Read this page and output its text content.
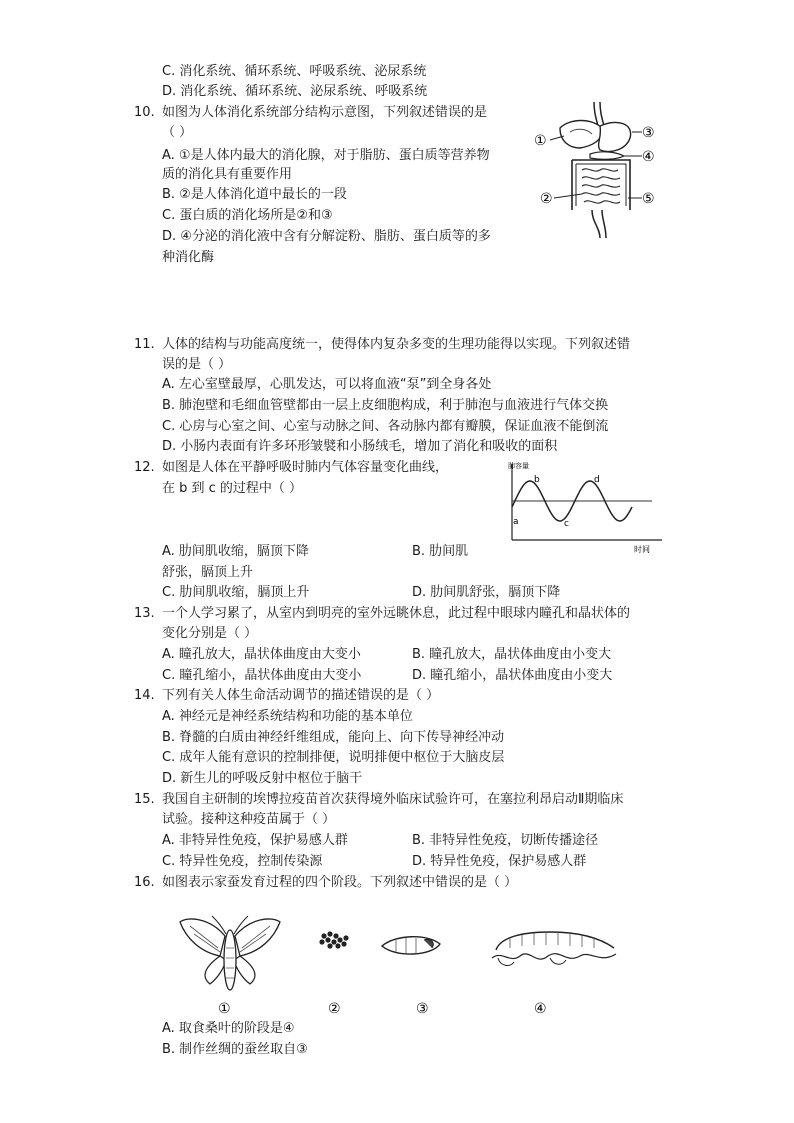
C. 消化系统、循环系统、呼吸系统、泌尿系统
D. 消化系统、循环系统、泌尿系统、呼吸系统
10. 如图为人体消化系统部分结构示意图，下列叙述错误的是
（ ）
A. ①是人体内最大的消化腺，对于脂肪、蛋白质等营养物
质的消化具有重要作用
B. ②是人体消化道中最长的一段
C. 蛋白质的消化场所是②和③
D. ④分泌的消化液中含有分解淀粉、脂肪、蛋白质等的多
种消化酶
①
②
③
④
⑤
11. 人体的结构与功能高度统一，使得体内复杂多变的生理功能得以实现。下列叙述错
误的是（ ）
A. 左心室壁最厚，心肌发达，可以将血液“泵”到全身各处
B. 肺泡壁和毛细血管壁都由一层上皮细胞构成，利于肺泡与血液进行气体交换
C. 心房与心室之间、心室与动脉之间、各动脉内都有瓣膜，保证血液不能倒流
D. 小肠内表面有许多环形皱襞和小肠绒毛，增加了消化和吸收的面积
12. 如图是人体在平静呼吸时肺内气体容量变化曲线，
在 b 到 c 的过程中（ ）
肺容量
时间
a
b
c
d
A. 肋间肌收缩，膈顶下降	B. 肋间肌
舒张，膈顶上升
C. 肋间肌收缩，膈顶上升	D. 肋间肌舒张，膈顶下降
13. 一个人学习累了，从室内到明亮的室外远眺休息，此过程中眼球内瞳孔和晶状体的
变化分别是（ ）
A. 瞳孔放大，晶状体曲度由大变小	B. 瞳孔放大，晶状体曲度由小变大
C. 瞳孔缩小，晶状体曲度由大变小	D. 瞳孔缩小，晶状体曲度由小变大
14. 下列有关人体生命活动调节的描述错误的是（ ）
A. 神经元是神经系统结构和功能的基本单位
B. 脊髓的白质由神经纤维组成，能向上、向下传导神经冲动
C. 成年人能有意识的控制排便，说明排便中枢位于大脑皮层
D. 新生儿的呼吸反射中枢位于脑干
15. 我国自主研制的埃博拉疫苗首次获得境外临床试验许可，在塞拉利昂启动Ⅱ期临床
试验。接种这种疫苗属于（ ）
A. 非特异性免疫，保护易感人群	B. 非特异性免疫，切断传播途径
C. 特异性免疫，控制传染源	D. 特异性免疫，保护易感人群
16. 如图表示家蚕发育过程的四个阶段。下列叙述中错误的是（ ）
①	②	③	④
A. 取食桑叶的阶段是④
B. 制作丝绸的蚕丝取自③
